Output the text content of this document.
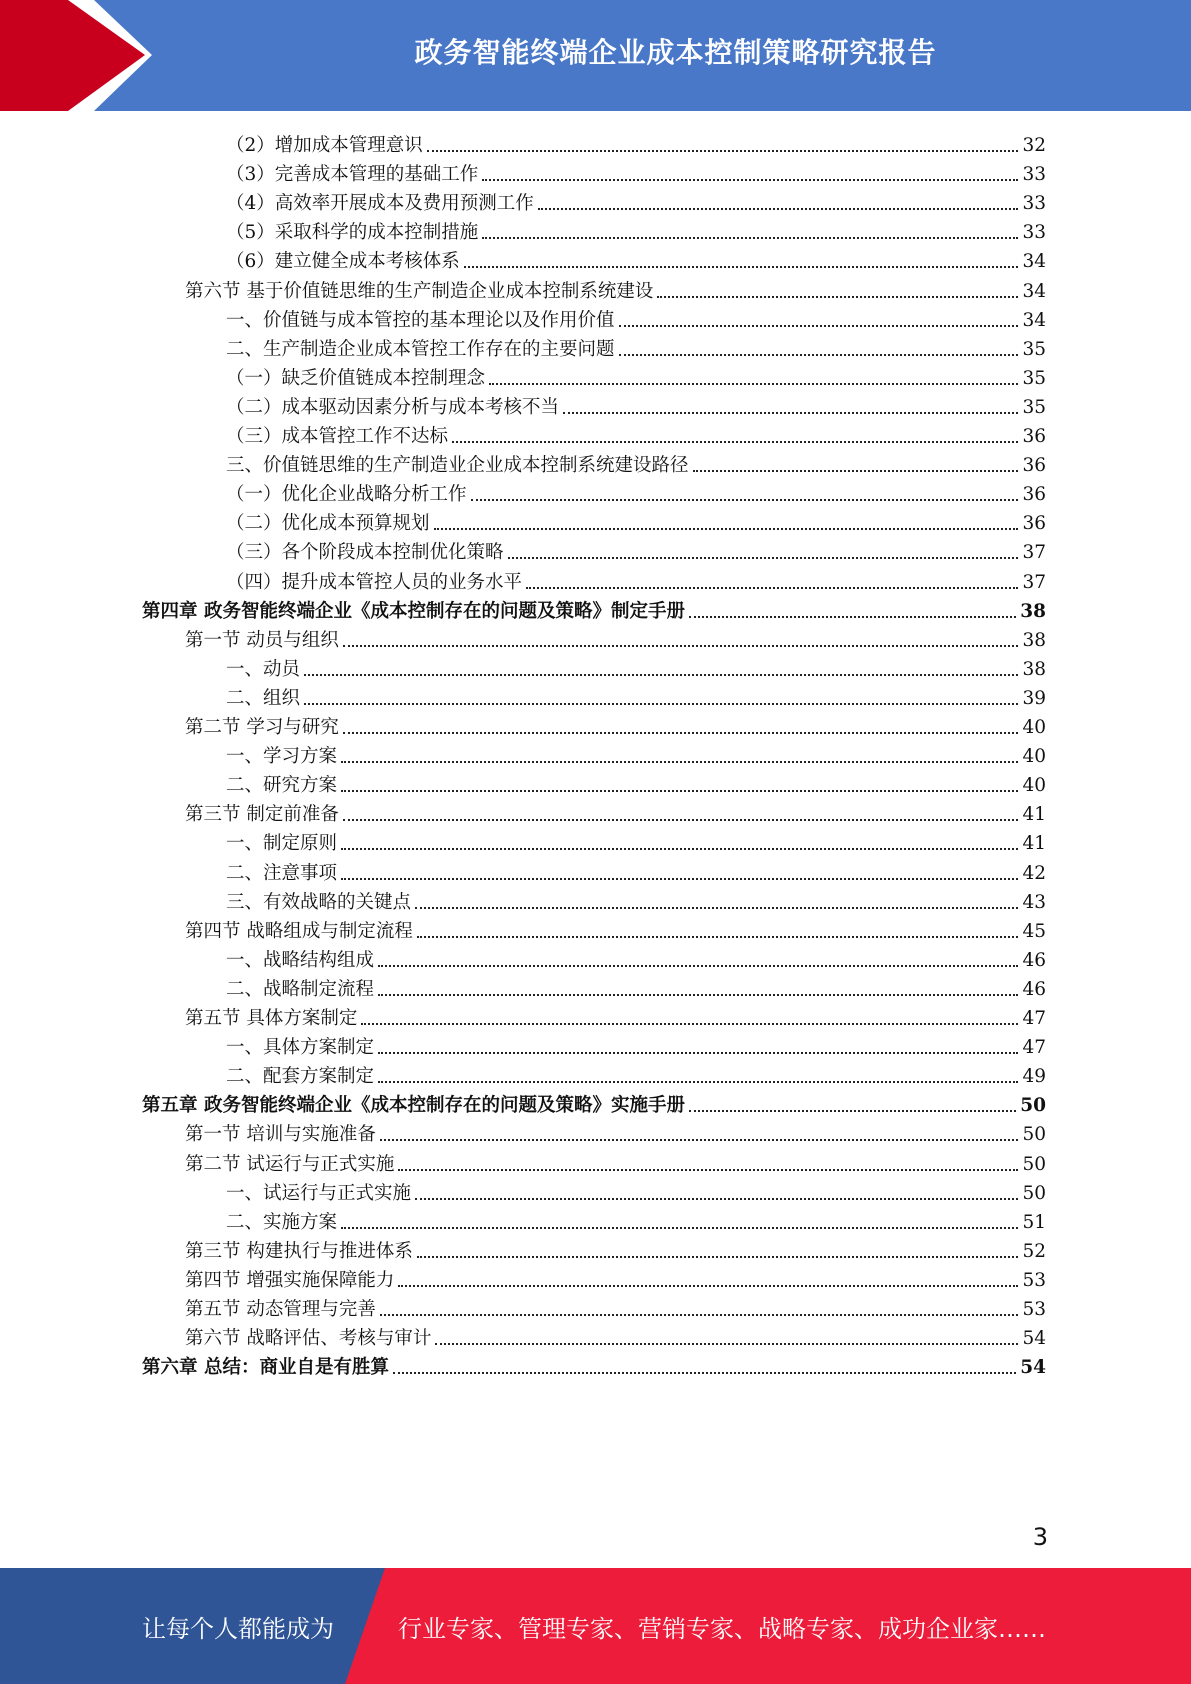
政务智能终端企业成本控制策略研究报告
（2）增加成本管理意识	32
（3）完善成本管理的基础工作	33
（4）高效率开展成本及费用预测工作	33
（5）采取科学的成本控制措施	33
（6）建立健全成本考核体系	34
第六节 基于价值链思维的生产制造企业成本控制系统建设	34
一、价值链与成本管控的基本理论以及作用价值	34
二、生产制造企业成本管控工作存在的主要问题	35
（一）缺乏价值链成本控制理念	35
（二）成本驱动因素分析与成本考核不当	35
（三）成本管控工作不达标	36
三、价值链思维的生产制造业企业成本控制系统建设路径	36
（一）优化企业战略分析工作	36
（二）优化成本预算规划	36
（三）各个阶段成本控制优化策略	37
（四）提升成本管控人员的业务水平	37
第四章 政务智能终端企业《成本控制存在的问题及策略》制定手册	38
第一节 动员与组织	38
一、动员	38
二、组织	39
第二节 学习与研究	40
一、学习方案	40
二、研究方案	40
第三节 制定前准备	41
一、制定原则	41
二、注意事项	42
三、有效战略的关键点	43
第四节 战略组成与制定流程	45
一、战略结构组成	46
二、战略制定流程	46
第五节 具体方案制定	47
一、具体方案制定	47
二、配套方案制定	49
第五章 政务智能终端企业《成本控制存在的问题及策略》实施手册	50
第一节 培训与实施准备	50
第二节 试运行与正式实施	50
一、试运行与正式实施	50
二、实施方案	51
第三节 构建执行与推进体系	52
第四节 增强实施保障能力	53
第五节 动态管理与完善	53
第六节 战略评估、考核与审计	54
第六章 总结：商业自是有胜算	54
3
让每个人都能成为	行业专家、管理专家、营销专家、战略专家、成功企业家……
